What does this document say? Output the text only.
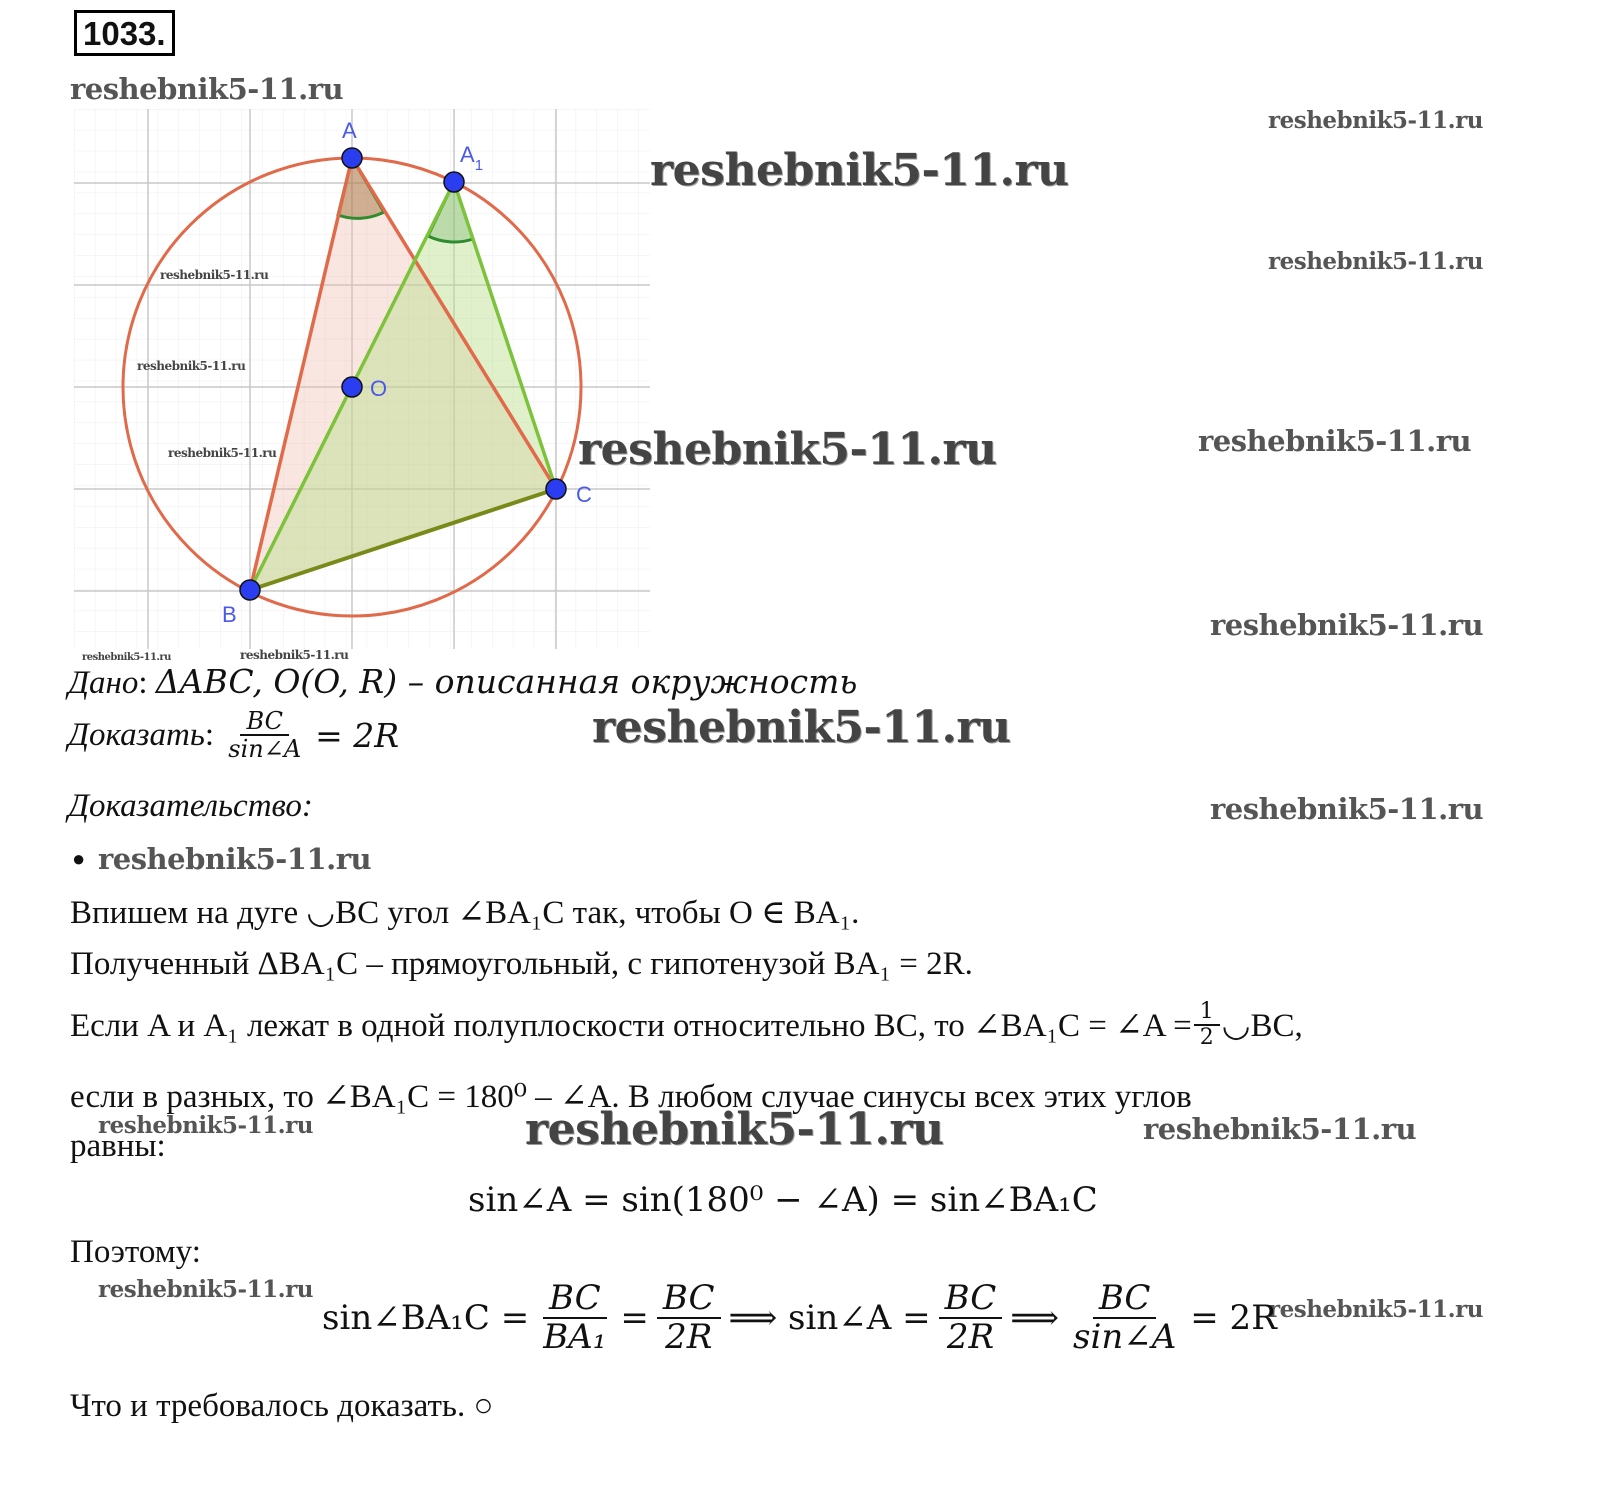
1033.
A
$A_1$
O
C
B
reshebnik5-11.ru
reshebnik5-11.ru
reshebnik5-11.ru
reshebnik5-11.ru
reshebnik5-11.ru
reshebnik5-11.ru
reshebnik5-11.ru	reshebnik5-11.ru
reshebnik5-11.ru
reshebnik5-11.ru
reshebnik5-11.ru	reshebnik5-11.ru
reshebnik5-11.ru
reshebnik5-11.ru
reshebnik5-11.ru	reshebnik5-11.ru	reshebnik5-11.ru
reshebnik5-11.ru
reshebnik5-11.ru
Дано: ΔABC, O(O, R) – описанная окружность
Доказать : $\frac{BC}{\sin\angle A} = 2R$
Доказательство:
● reshebnik5-11.ru
Впишем на дуге ◡BC угол ∠BA₁C так, чтобы O ∈ BA₁.
Полученный ΔBA₁C – прямоугольный, с гипотенузой BA₁ = 2R.
Если A и A₁ лежат в одной полуплоскости относительно BC, то ∠BA₁C = ∠A = $\frac{1}{2}$ ◡BC,
если в разных, то ∠BA₁C = 180⁰ – ∠A. В любом случае синусы всех этих углов
равны:
sin∠A = sin(180⁰ − ∠A) = sin∠BA₁C
Поэтому:
sin∠BA₁C = $\frac{BC}{\text{BA₁}} = \frac{BC}{2R}$ ⟹ sin∠A = $\frac{BC}{2R}$ ⟹ $\frac{BC}{\sin\angle A} = 2R$
Что и требовалось доказать. ○
